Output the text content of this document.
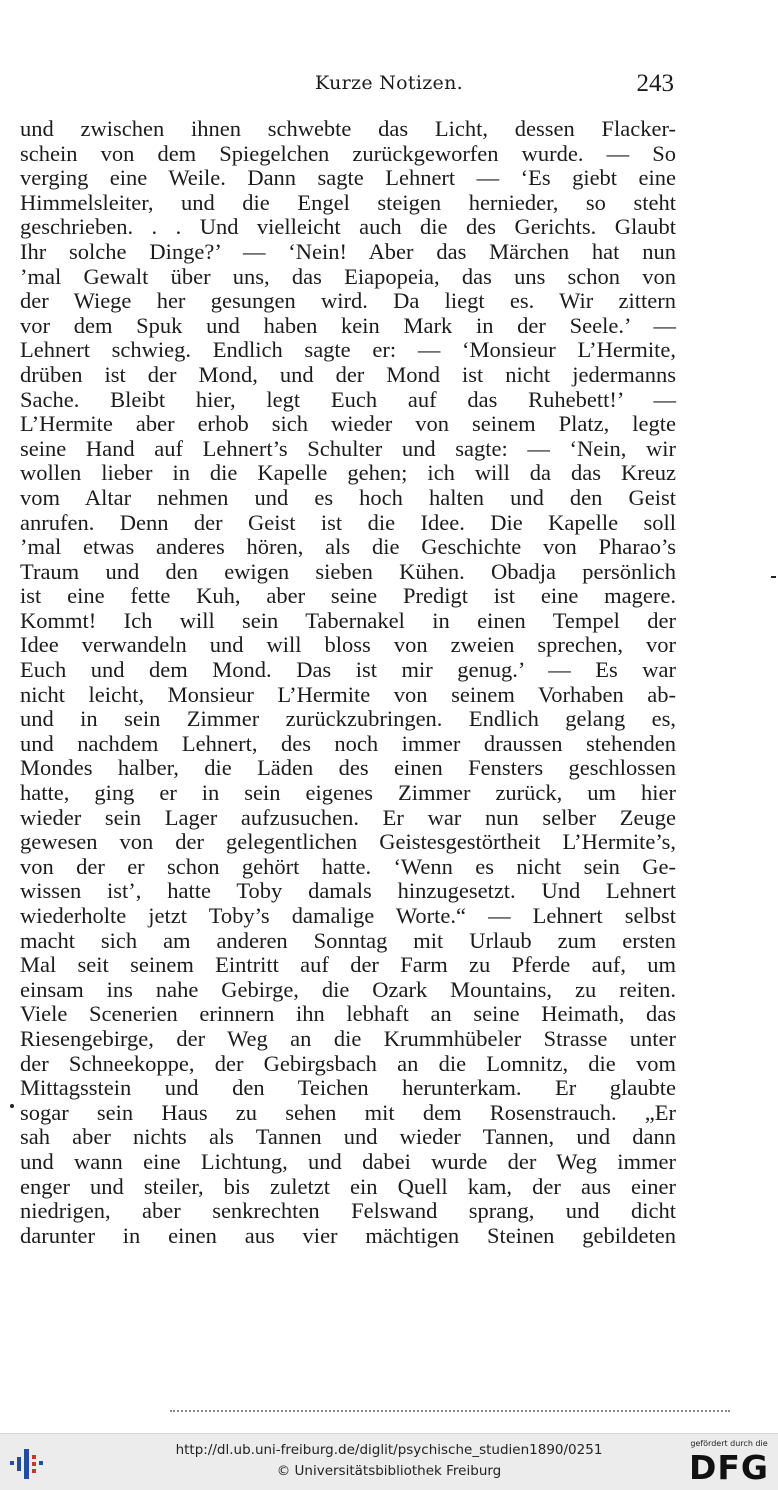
Kurze Notizen.	243
und zwischen ihnen schwebte das Licht, dessen Flacker-
schein von dem Spiegelchen zurückgeworfen wurde. — So
verging eine Weile. Dann sagte Lehnert — ‘Es giebt eine
Himmelsleiter, und die Engel steigen hernieder, so steht
geschrieben. . . Und vielleicht auch die des Gerichts. Glaubt
Ihr solche Dinge?’ — ‘Nein! Aber das Märchen hat nun
’mal Gewalt über uns, das Eiapopeia, das uns schon von
der Wiege her gesungen wird. Da liegt es. Wir zittern
vor dem Spuk und haben kein Mark in der Seele.’ —
Lehnert schwieg. Endlich sagte er: — ‘Monsieur L’Hermite,
drüben ist der Mond, und der Mond ist nicht jedermanns
Sache. Bleibt hier, legt Euch auf das Ruhebett!’ —
L’Hermite aber erhob sich wieder von seinem Platz, legte
seine Hand auf Lehnert’s Schulter und sagte: — ‘Nein, wir
wollen lieber in die Kapelle gehen; ich will da das Kreuz
vom Altar nehmen und es hoch halten und den Geist
anrufen. Denn der Geist ist die Idee. Die Kapelle soll
’mal etwas anderes hören, als die Geschichte von Pharao’s
Traum und den ewigen sieben Kühen. Obadja persönlich
ist eine fette Kuh, aber seine Predigt ist eine magere.
Kommt! Ich will sein Tabernakel in einen Tempel der
Idee verwandeln und will bloss von zweien sprechen, vor
Euch und dem Mond. Das ist mir genug.’ — Es war
nicht leicht, Monsieur L’Hermite von seinem Vorhaben ab-
und in sein Zimmer zurückzubringen. Endlich gelang es,
und nachdem Lehnert, des noch immer draussen stehenden
Mondes halber, die Läden des einen Fensters geschlossen
hatte, ging er in sein eigenes Zimmer zurück, um hier
wieder sein Lager aufzusuchen. Er war nun selber Zeuge
gewesen von der gelegentlichen Geistesgestörtheit L’Hermite’s,
von der er schon gehört hatte. ‘Wenn es nicht sein Ge-
wissen ist’, hatte Toby damals hinzugesetzt. Und Lehnert
wiederholte jetzt Toby’s damalige Worte.“ — Lehnert selbst
macht sich am anderen Sonntag mit Urlaub zum ersten
Mal seit seinem Eintritt auf der Farm zu Pferde auf, um
einsam ins nahe Gebirge, die Ozark Mountains, zu reiten.
Viele Scenerien erinnern ihn lebhaft an seine Heimath, das
Riesengebirge, der Weg an die Krummhübeler Strasse unter
der Schneekoppe, der Gebirgsbach an die Lomnitz, die vom
Mittagsstein und den Teichen herunterkam. Er glaubte
sogar sein Haus zu sehen mit dem Rosenstrauch. „Er
sah aber nichts als Tannen und wieder Tannen, und dann
und wann eine Lichtung, und dabei wurde der Weg immer
enger und steiler, bis zuletzt ein Quell kam, der aus einer
niedrigen, aber senkrechten Felswand sprang, und dicht
darunter in einen aus vier mächtigen Steinen gebildeten
http://dl.ub.uni-freiburg.de/diglit/psychische_studien1890/0251
© Universitätsbibliothek Freiburg
gefördert durch die
DFG
